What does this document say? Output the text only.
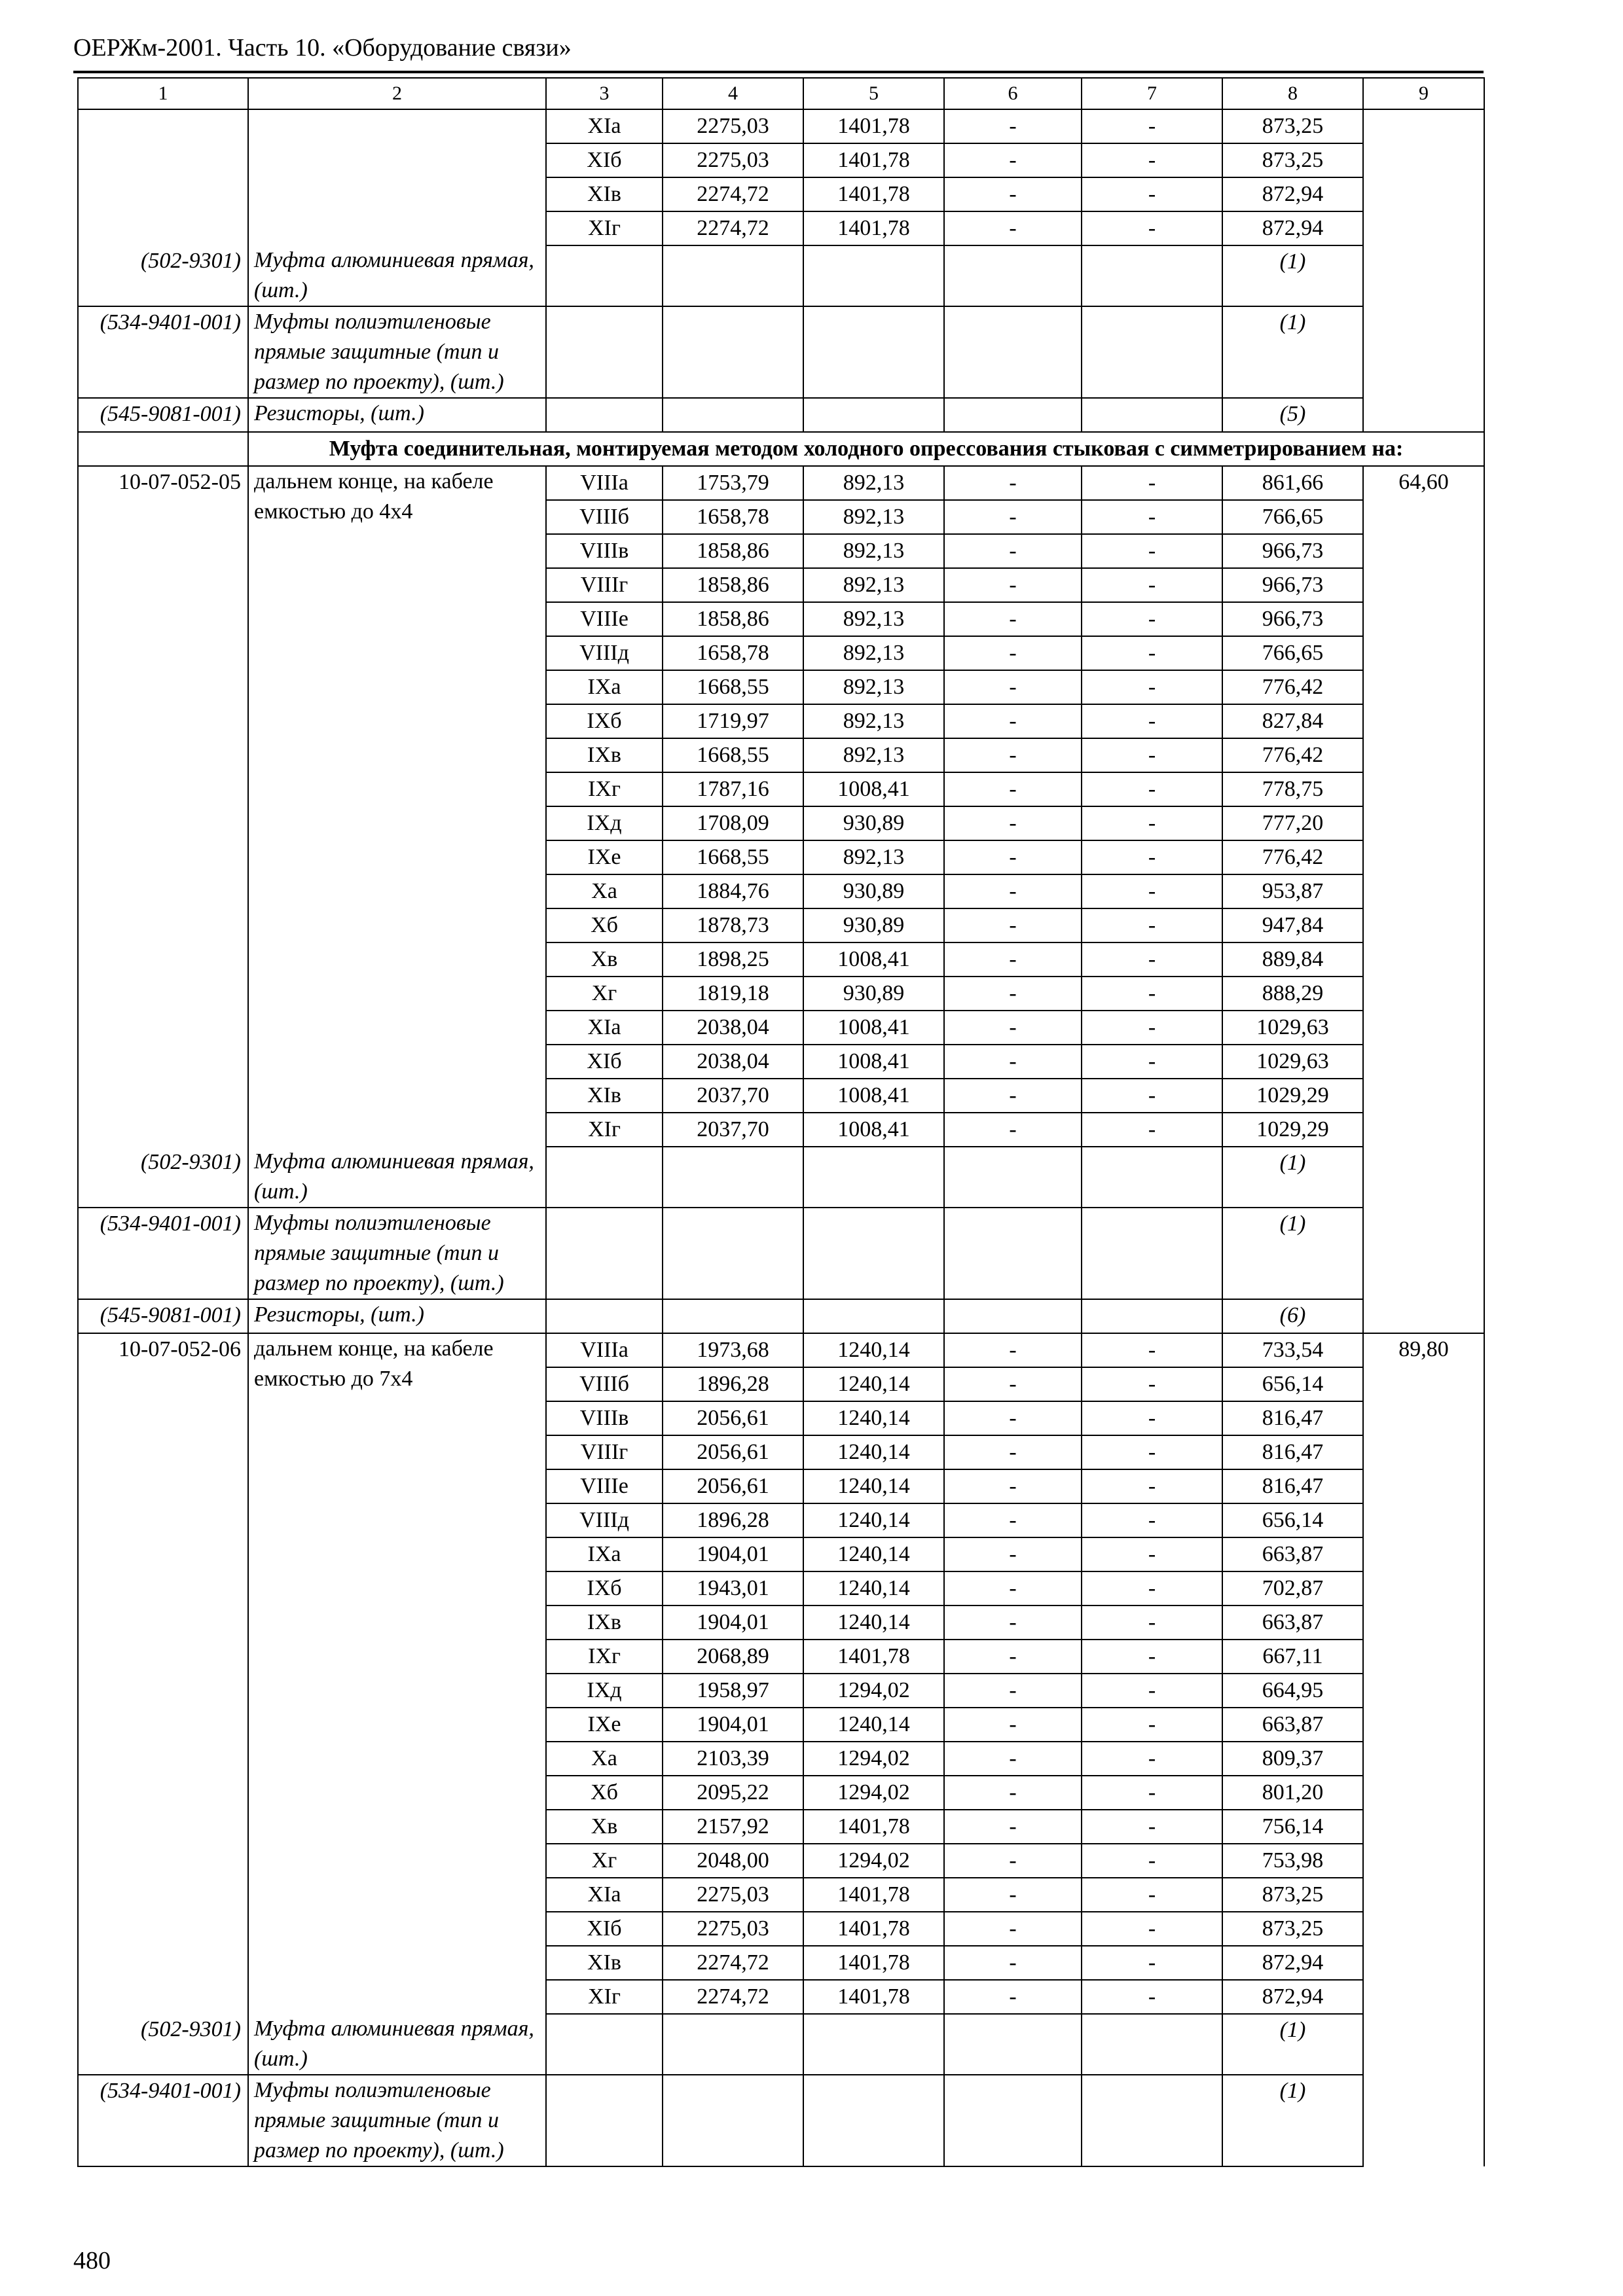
ОЕРЖм-2001. Часть 10. «Оборудование связи»
1	2	3	4	5	6	7	8	9
		XIa	2275,03	1401,78	-	-	873,25	
		XIб	2275,03	1401,78	-	-	873,25	
		XIв	2274,72	1401,78	-	-	872,94	
		XIг	2274,72	1401,78	-	-	872,94	
(502-9301)	Муфта алюминиевая прямая, (шт.)						(1)	
(534-9401-001)	Муфты полиэтиленовые прямые защитные (тип и размер по проекту), (шт.)						(1)	
(545-9081-001)	Резисторы, (шт.)						(5)	
	Муфта соединительная, монтируемая методом холодного опрессования стыковая с симметрированием на:							
10-07-052-05	дальнем конце, на кабеле емкостью до 4х4	VIIIa	1753,79	892,13	-	-	861,66	64,60
		VIIIб	1658,78	892,13	-	-	766,65	
		VIIIв	1858,86	892,13	-	-	966,73	
		VIIIг	1858,86	892,13	-	-	966,73	
		VIIIе	1858,86	892,13	-	-	966,73	
		VIIIд	1658,78	892,13	-	-	766,65	
		IXa	1668,55	892,13	-	-	776,42	
		IXб	1719,97	892,13	-	-	827,84	
		IXв	1668,55	892,13	-	-	776,42	
		IXг	1787,16	1008,41	-	-	778,75	
		IXд	1708,09	930,89	-	-	777,20	
		IXе	1668,55	892,13	-	-	776,42	
		Xa	1884,76	930,89	-	-	953,87	
		Xб	1878,73	930,89	-	-	947,84	
		Xв	1898,25	1008,41	-	-	889,84	
		Xг	1819,18	930,89	-	-	888,29	
		XIa	2038,04	1008,41	-	-	1029,63	
		XIб	2038,04	1008,41	-	-	1029,63	
		XIв	2037,70	1008,41	-	-	1029,29	
		XIг	2037,70	1008,41	-	-	1029,29	
(502-9301)	Муфта алюминиевая прямая, (шт.)						(1)	
(534-9401-001)	Муфты полиэтиленовые прямые защитные (тип и размер по проекту), (шт.)						(1)	
(545-9081-001)	Резисторы, (шт.)						(6)	
10-07-052-06	дальнем конце, на кабеле емкостью до 7х4	VIIIa	1973,68	1240,14	-	-	733,54	89,80
		VIIIб	1896,28	1240,14	-	-	656,14	
		VIIIв	2056,61	1240,14	-	-	816,47	
		VIIIг	2056,61	1240,14	-	-	816,47	
		VIIIе	2056,61	1240,14	-	-	816,47	
		VIIIд	1896,28	1240,14	-	-	656,14	
		IXa	1904,01	1240,14	-	-	663,87	
		IXб	1943,01	1240,14	-	-	702,87	
		IXв	1904,01	1240,14	-	-	663,87	
		IXг	2068,89	1401,78	-	-	667,11	
		IXд	1958,97	1294,02	-	-	664,95	
		IXе	1904,01	1240,14	-	-	663,87	
		Xa	2103,39	1294,02	-	-	809,37	
		Xб	2095,22	1294,02	-	-	801,20	
		Xв	2157,92	1401,78	-	-	756,14	
		Xг	2048,00	1294,02	-	-	753,98	
		XIa	2275,03	1401,78	-	-	873,25	
		XIб	2275,03	1401,78	-	-	873,25	
		XIв	2274,72	1401,78	-	-	872,94	
		XIг	2274,72	1401,78	-	-	872,94	
(502-9301)	Муфта алюминиевая прямая, (шт.)						(1)	
(534-9401-001)	Муфты полиэтиленовые прямые защитные (тип и размер по проекту), (шт.)						(1)	
480
